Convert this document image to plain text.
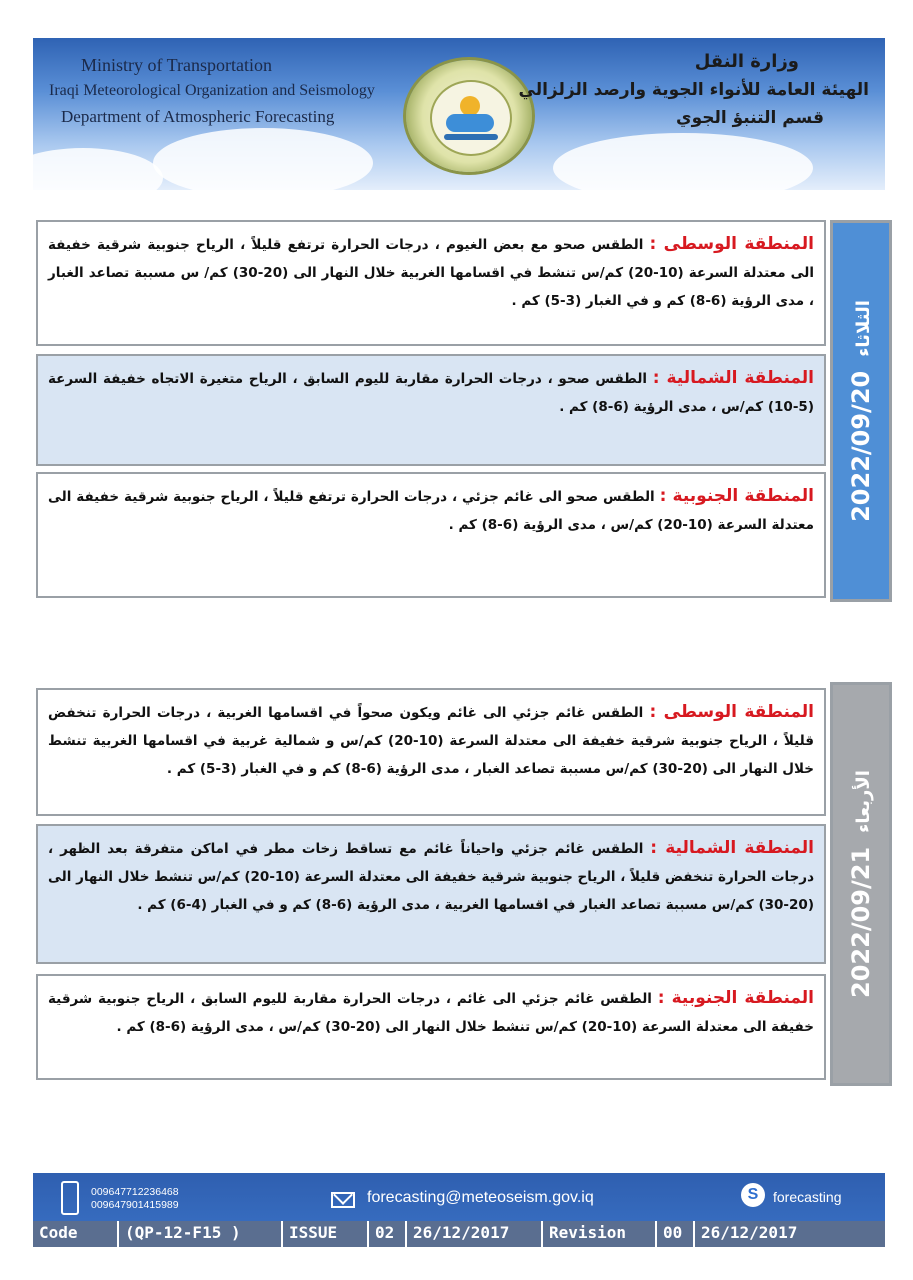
Ministry of Transportation
Iraqi Meteorological Organization and Seismology
Department of Atmospheric Forecasting
وزارة النقل
الهيئة العامة للأنواء الجوية وارصد الزلزالي
قسم التنبؤ الجوي
المنطقة الوسطى : الطقس صحو مع بعض الغيوم ، درجات الحرارة ترتفع قليلاً ، الرياح جنوبية شرقية خفيفة الى معتدلة السرعة (10-20) كم/س تنشط في اقسامها الغربية خلال النهار الى (20-30) كم/ س مسببة تصاعد الغبار ، مدى الرؤية (6-8) كم و في الغبار (3-5) كم .
المنطقة الشمالية : الطقس صحو ، درجات الحرارة مقاربة لليوم السابق ، الرياح متغيرة الاتجاه خفيفة السرعة (5-10) كم/س ، مدى الرؤية (6-8) كم .
المنطقة الجنوبية : الطقس صحو الى غائم جزئي ، درجات الحرارة ترتفع قليلاً ، الرياح جنوبية شرقية خفيفة الى معتدلة السرعة (10-20) كم/س ، مدى الرؤية (6-8) كم .
2022/09/20الثلاثاء
المنطقة الوسطى : الطقس غائم جزئي الى غائم ويكون صحواً في اقسامها الغربية ، درجات الحرارة تنخفض قليلاً ، الرياح جنوبية شرقية خفيفة الى معتدلة السرعة (10-20) كم/س و شمالية غربية في اقسامها الغربية تنشط خلال النهار الى (20-30) كم/س مسببة تصاعد الغبار ، مدى الرؤية (6-8) كم و في الغبار (3-5) كم .
المنطقة الشمالية : الطقس غائم جزئي واحياناً غائم مع تساقط زخات مطر في اماكن متفرقة بعد الظهر ، درجات الحرارة تنخفض قليلاً ، الرياح جنوبية شرقية خفيفة الى معتدلة السرعة (10-20) كم/س تنشط خلال النهار الى (20-30) كم/س مسببة تصاعد الغبار في اقسامها الغربية ، مدى الرؤية (6-8) كم و في الغبار (4-6) كم .
المنطقة الجنوبية : الطقس غائم جزئي الى غائم ، درجات الحرارة مقاربة لليوم السابق ، الرياح جنوبية شرقية خفيفة الى معتدلة السرعة (10-20) كم/س تنشط خلال النهار الى (20-30) كم/س ، مدى الرؤية (6-8) كم .
2022/09/21الأربعاء
009647712236468
009647901415989	forecasting@meteoseism.gov.iq	S	forecasting
Code	(QP-12-F15 )	ISSUE	02	26/12/2017	Revision	00	26/12/2017
